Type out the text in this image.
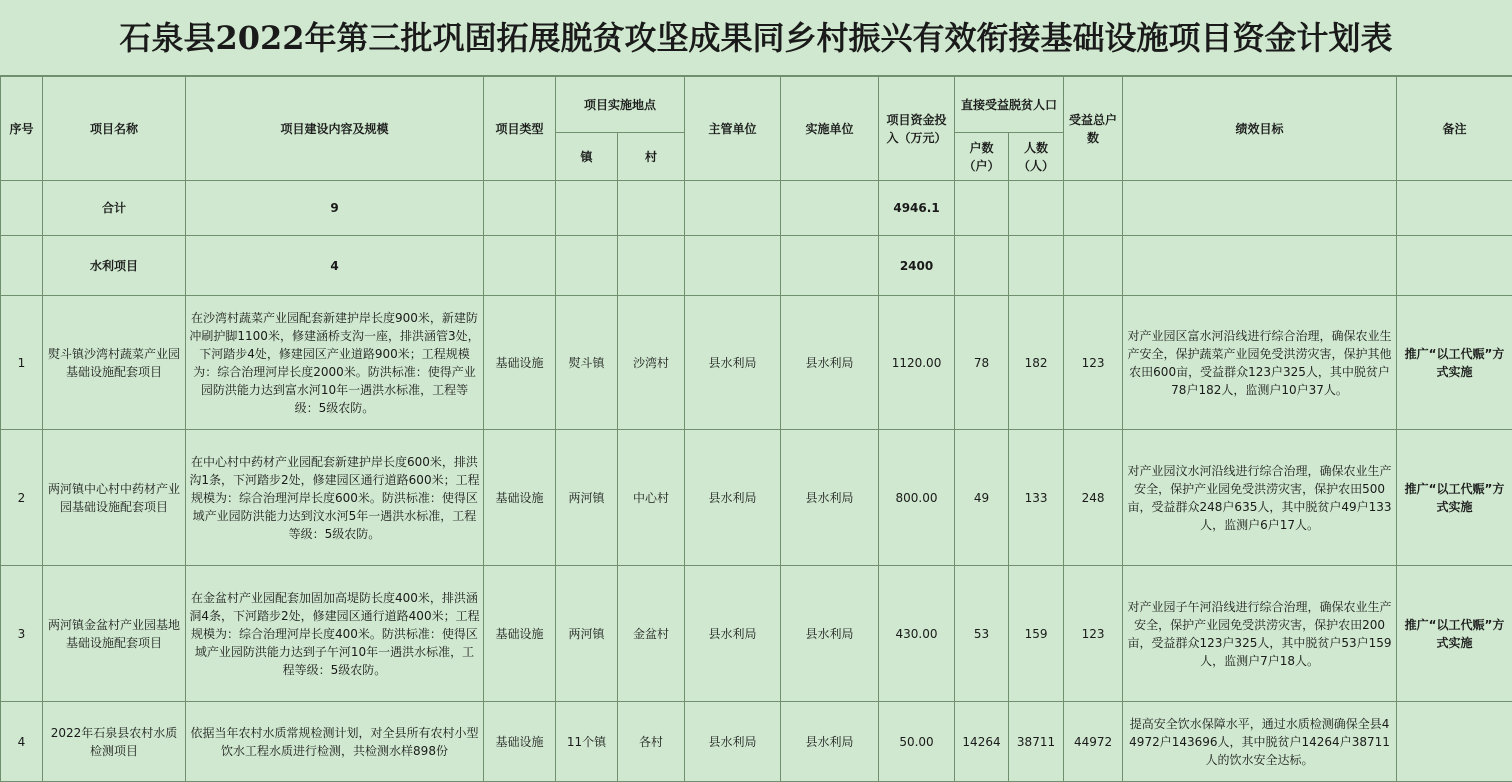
石泉县2022年第三批巩固拓展脱贫攻坚成果同乡村振兴有效衔接基础设施项目资金计划表
序号	项目名称	项目建设内容及规模	项目类型	项目实施地点		主管单位	实施单位	项目资金投入（万元）	直接受益脱贫人口		受益总户数	绩效目标	备注
				镇	村				户数（户）	人数（人）			
	合计	9						4946.1					
	水利项目	4						2400					
1	熨斗镇沙湾村蔬菜产业园基础设施配套项目	在沙湾村蔬菜产业园配套新建护岸长度900米，新建防冲刷护脚1100米，修建涵桥支沟一座，排洪涵管3处，下河踏步4处，修建园区产业道路900米；工程规模为：综合治理河岸长度2000米。防洪标准：使得产业园防洪能力达到富水河10年一遇洪水标准，工程等级：5级农防。	基础设施	熨斗镇	沙湾村	县水利局	县水利局	1120.00	78	182	123	对产业园区富水河沿线进行综合治理，确保农业生产安全，保护蔬菜产业园免受洪涝灾害，保护其他农田600亩，受益群众123户325人，其中脱贫户78户182人，监测户10户37人。	推广“以工代赈”方式实施
2	两河镇中心村中药材产业园基础设施配套项目	在中心村中药材产业园配套新建护岸长度600米，排洪沟1条，下河踏步2处，修建园区通行道路600米；工程规模为：综合治理河岸长度600米。防洪标准：使得区域产业园防洪能力达到汶水河5年一遇洪水标准，工程等级：5级农防。	基础设施	两河镇	中心村	县水利局	县水利局	800.00	49	133	248	对产业园汶水河沿线进行综合治理，确保农业生产安全，保护产业园免受洪涝灾害，保护农田500亩，受益群众248户635人，其中脱贫户49户133人，监测户6户17人。	推广“以工代赈”方式实施
3	两河镇金盆村产业园基地基础设施配套项目	在金盆村产业园配套加固加高堤防长度400米，排洪涵洞4条，下河踏步2处，修建园区通行道路400米；工程规模为：综合治理河岸长度400米。防洪标准：使得区域产业园防洪能力达到子午河10年一遇洪水标准，工程等级：5级农防。	基础设施	两河镇	金盆村	县水利局	县水利局	430.00	53	159	123	对产业园子午河沿线进行综合治理，确保农业生产安全，保护产业园免受洪涝灾害，保护农田200亩，受益群众123户325人，其中脱贫户53户159人，监测户7户18人。	推广“以工代赈”方式实施
4	2022年石泉县农村水质检测项目	依据当年农村水质常规检测计划，对全县所有农村小型饮水工程水质进行检测，共检测水样898份	基础设施	11个镇	各村	县水利局	县水利局	50.00	14264	38711	44972	提高安全饮水保障水平，通过水质检测确保全县44972户143696人，其中脱贫户14264户38711人的饮水安全达标。	
